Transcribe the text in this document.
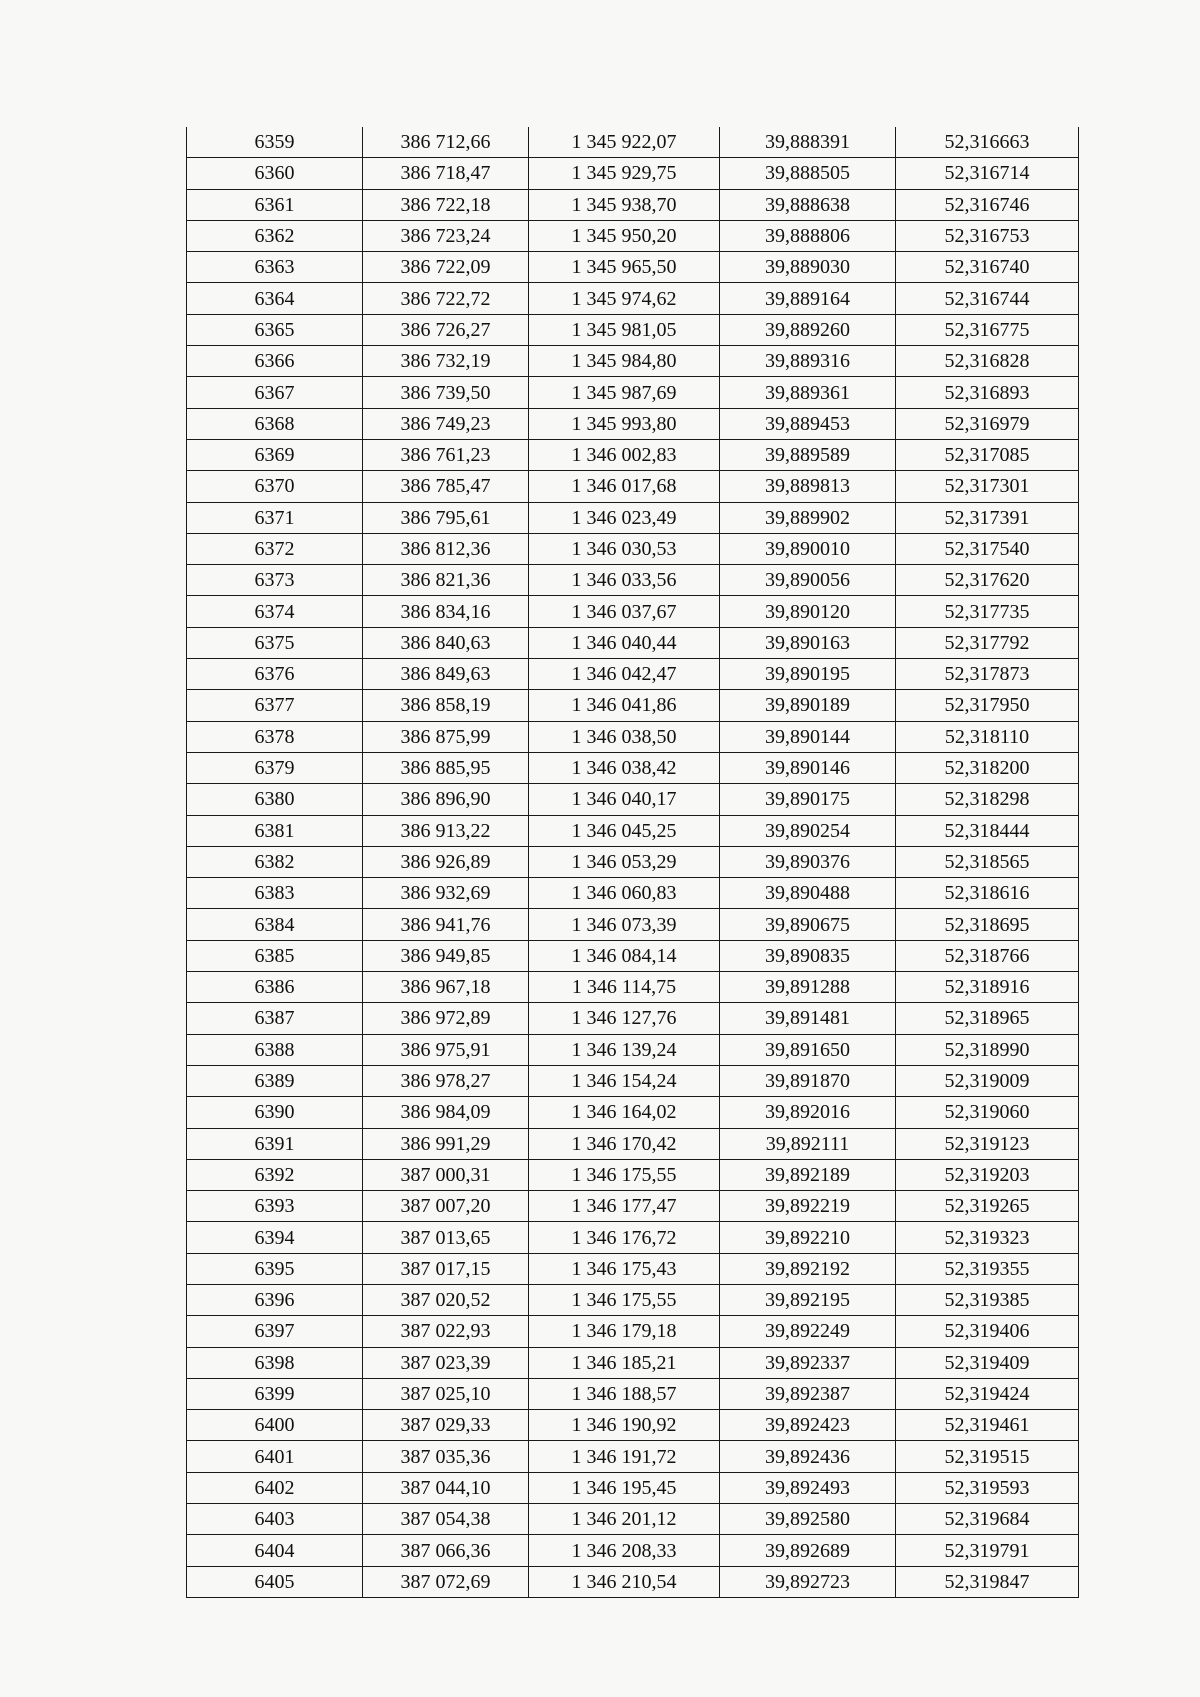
6359	386 712,66	1 345 922,07	39,888391	52,316663
6360	386 718,47	1 345 929,75	39,888505	52,316714
6361	386 722,18	1 345 938,70	39,888638	52,316746
6362	386 723,24	1 345 950,20	39,888806	52,316753
6363	386 722,09	1 345 965,50	39,889030	52,316740
6364	386 722,72	1 345 974,62	39,889164	52,316744
6365	386 726,27	1 345 981,05	39,889260	52,316775
6366	386 732,19	1 345 984,80	39,889316	52,316828
6367	386 739,50	1 345 987,69	39,889361	52,316893
6368	386 749,23	1 345 993,80	39,889453	52,316979
6369	386 761,23	1 346 002,83	39,889589	52,317085
6370	386 785,47	1 346 017,68	39,889813	52,317301
6371	386 795,61	1 346 023,49	39,889902	52,317391
6372	386 812,36	1 346 030,53	39,890010	52,317540
6373	386 821,36	1 346 033,56	39,890056	52,317620
6374	386 834,16	1 346 037,67	39,890120	52,317735
6375	386 840,63	1 346 040,44	39,890163	52,317792
6376	386 849,63	1 346 042,47	39,890195	52,317873
6377	386 858,19	1 346 041,86	39,890189	52,317950
6378	386 875,99	1 346 038,50	39,890144	52,318110
6379	386 885,95	1 346 038,42	39,890146	52,318200
6380	386 896,90	1 346 040,17	39,890175	52,318298
6381	386 913,22	1 346 045,25	39,890254	52,318444
6382	386 926,89	1 346 053,29	39,890376	52,318565
6383	386 932,69	1 346 060,83	39,890488	52,318616
6384	386 941,76	1 346 073,39	39,890675	52,318695
6385	386 949,85	1 346 084,14	39,890835	52,318766
6386	386 967,18	1 346 114,75	39,891288	52,318916
6387	386 972,89	1 346 127,76	39,891481	52,318965
6388	386 975,91	1 346 139,24	39,891650	52,318990
6389	386 978,27	1 346 154,24	39,891870	52,319009
6390	386 984,09	1 346 164,02	39,892016	52,319060
6391	386 991,29	1 346 170,42	39,892111	52,319123
6392	387 000,31	1 346 175,55	39,892189	52,319203
6393	387 007,20	1 346 177,47	39,892219	52,319265
6394	387 013,65	1 346 176,72	39,892210	52,319323
6395	387 017,15	1 346 175,43	39,892192	52,319355
6396	387 020,52	1 346 175,55	39,892195	52,319385
6397	387 022,93	1 346 179,18	39,892249	52,319406
6398	387 023,39	1 346 185,21	39,892337	52,319409
6399	387 025,10	1 346 188,57	39,892387	52,319424
6400	387 029,33	1 346 190,92	39,892423	52,319461
6401	387 035,36	1 346 191,72	39,892436	52,319515
6402	387 044,10	1 346 195,45	39,892493	52,319593
6403	387 054,38	1 346 201,12	39,892580	52,319684
6404	387 066,36	1 346 208,33	39,892689	52,319791
6405	387 072,69	1 346 210,54	39,892723	52,319847
